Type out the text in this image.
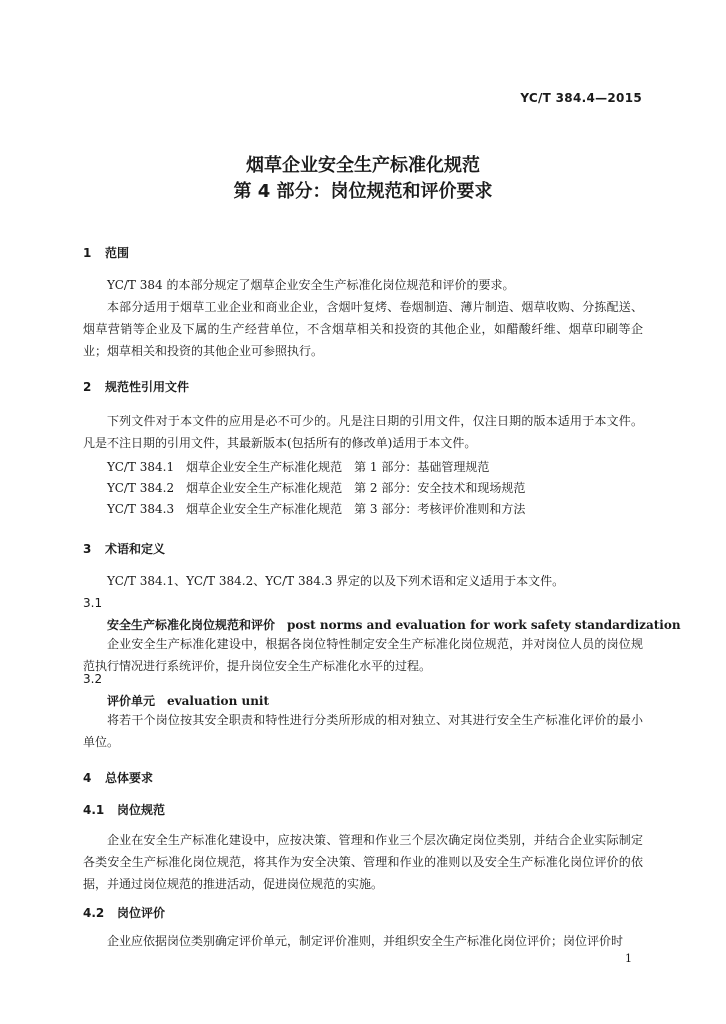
YC/T 384.4—2015
烟草企业安全生产标准化规范
第 4 部分：岗位规范和评价要求
1 范围
YC/T 384 的本部分规定了烟草企业安全生产标准化岗位规范和评价的要求。
本部分适用于烟草工业企业和商业企业，含烟叶复烤、卷烟制造、薄片制造、烟草收购、分拣配送、烟草营销等企业及下属的生产经营单位，不含烟草相关和投资的其他企业，如醋酸纤维、烟草印刷等企业；烟草相关和投资的其他企业可参照执行。
2 规范性引用文件
下列文件对于本文件的应用是必不可少的。凡是注日期的引用文件，仅注日期的版本适用于本文件。凡是不注日期的引用文件，其最新版本(包括所有的修改单)适用于本文件。
YC/T 384.1　烟草企业安全生产标准化规范　第 1 部分：基础管理规范
YC/T 384.2　烟草企业安全生产标准化规范　第 2 部分：安全技术和现场规范
YC/T 384.3　烟草企业安全生产标准化规范　第 3 部分：考核评价准则和方法
3 术语和定义
YC/T 384.1、YC/T 384.2、YC/T 384.3 界定的以及下列术语和定义适用于本文件。
3.1
安全生产标准化岗位规范和评价 post norms and evaluation for work safety standardization
企业安全生产标准化建设中，根据各岗位特性制定安全生产标准化岗位规范，并对岗位人员的岗位规范执行情况进行系统评价，提升岗位安全生产标准化水平的过程。
3.2
评价单元 evaluation unit
将若干个岗位按其安全职责和特性进行分类所形成的相对独立、对其进行安全生产标准化评价的最小单位。
4 总体要求
4.1 岗位规范
企业在安全生产标准化建设中，应按决策、管理和作业三个层次确定岗位类别，并结合企业实际制定各类安全生产标准化岗位规范，将其作为安全决策、管理和作业的准则以及安全生产标准化岗位评价的依据，并通过岗位规范的推进活动，促进岗位规范的实施。
4.2 岗位评价
企业应依据岗位类别确定评价单元，制定评价准则，并组织安全生产标准化岗位评价；岗位评价时
1
